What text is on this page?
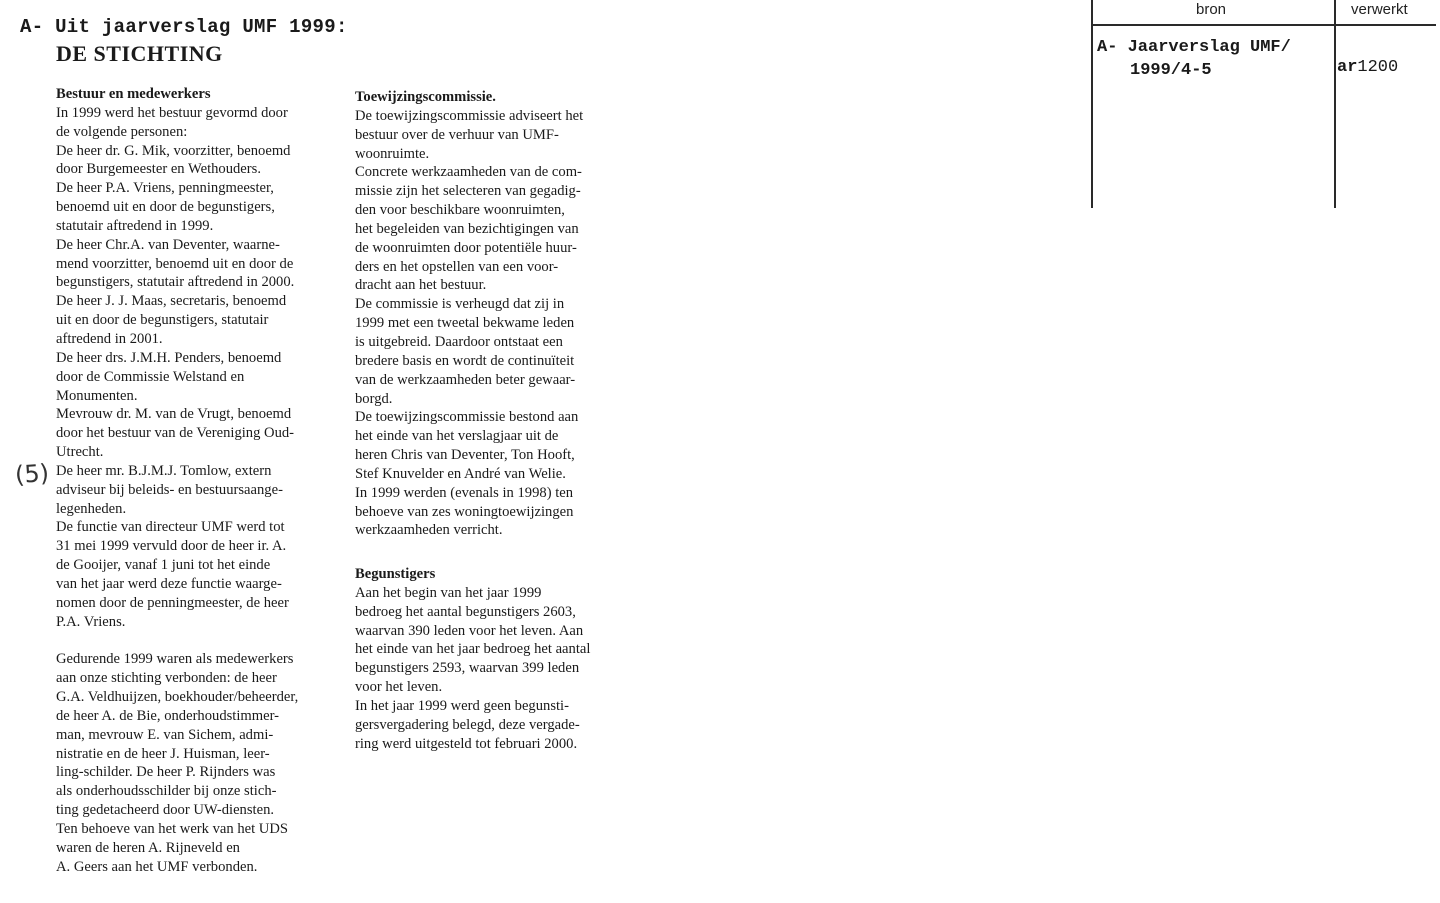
A- Uit jaarverslag UMF 1999:
DE STICHTING
(5)
Bestuur en medewerkers
In 1999 werd het bestuur gevormd door
de volgende personen:
De heer dr. G. Mik, voorzitter, benoemd
door Burgemeester en Wethouders.
De heer P.A. Vriens, penningmeester,
benoemd uit en door de begunstigers,
statutair aftredend in 1999.
De heer Chr.A. van Deventer, waarne-
mend voorzitter, benoemd uit en door de
begunstigers, statutair aftredend in 2000.
De heer J. J. Maas, secretaris, benoemd
uit en door de begunstigers, statutair
aftredend in 2001.
De heer drs. J.M.H. Penders, benoemd
door de Commissie Welstand en
Monumenten.
Mevrouw dr. M. van de Vrugt, benoemd
door het bestuur van de Vereniging Oud-
Utrecht.
De heer mr. B.J.M.J. Tomlow, extern
adviseur bij beleids- en bestuursaange-
legenheden.
De functie van directeur UMF werd tot
31 mei 1999 vervuld door de heer ir. A.
de Gooijer, vanaf 1 juni tot het einde
van het jaar werd deze functie waarge-
nomen door de penningmeester, de heer
P.A. Vriens.
Gedurende 1999 waren als medewerkers
aan onze stichting verbonden: de heer
G.A. Veldhuijzen, boekhouder/beheerder,
de heer A. de Bie, onderhoudstimmer-
man, mevrouw E. van Sichem, admi-
nistratie en de heer J. Huisman, leer-
ling-schilder. De heer P. Rijnders was
als onderhoudsschilder bij onze stich-
ting gedetacheerd door UW-diensten.
Ten behoeve van het werk van het UDS
waren de heren A. Rijneveld en
A. Geers aan het UMF verbonden.
Toewijzingscommissie.
De toewijzingscommissie adviseert het
bestuur over de verhuur van UMF-
woonruimte.
Concrete werkzaamheden van de com-
missie zijn het selecteren van gegadig-
den voor beschikbare woonruimten,
het begeleiden van bezichtigingen van
de woonruimten door potentiële huur-
ders en het opstellen van een voor-
dracht aan het bestuur.
De commissie is verheugd dat zij in
1999 met een tweetal bekwame leden
is uitgebreid. Daardoor ontstaat een
bredere basis en wordt de continuïteit
van de werkzaamheden beter gewaar-
borgd.
De toewijzingscommissie bestond aan
het einde van het verslagjaar uit de
heren Chris van Deventer, Ton Hooft,
Stef Knuvelder en André van Welie.
In 1999 werden (evenals in 1998) ten
behoeve van zes woningtoewijzingen
werkzaamheden verricht.
Begunstigers
Aan het begin van het jaar 1999
bedroeg het aantal begunstigers 2603,
waarvan 390 leden voor het leven. Aan
het einde van het jaar bedroeg het aantal
begunstigers 2593, waarvan 399 leden
voor het leven.
In het jaar 1999 werd geen begunsti-
gersvergadering belegd, deze vergade-
ring werd uitgesteld tot februari 2000.
bron	verwerkt
A- Jaarverslag UMF/
1999/4-5	ar1200
